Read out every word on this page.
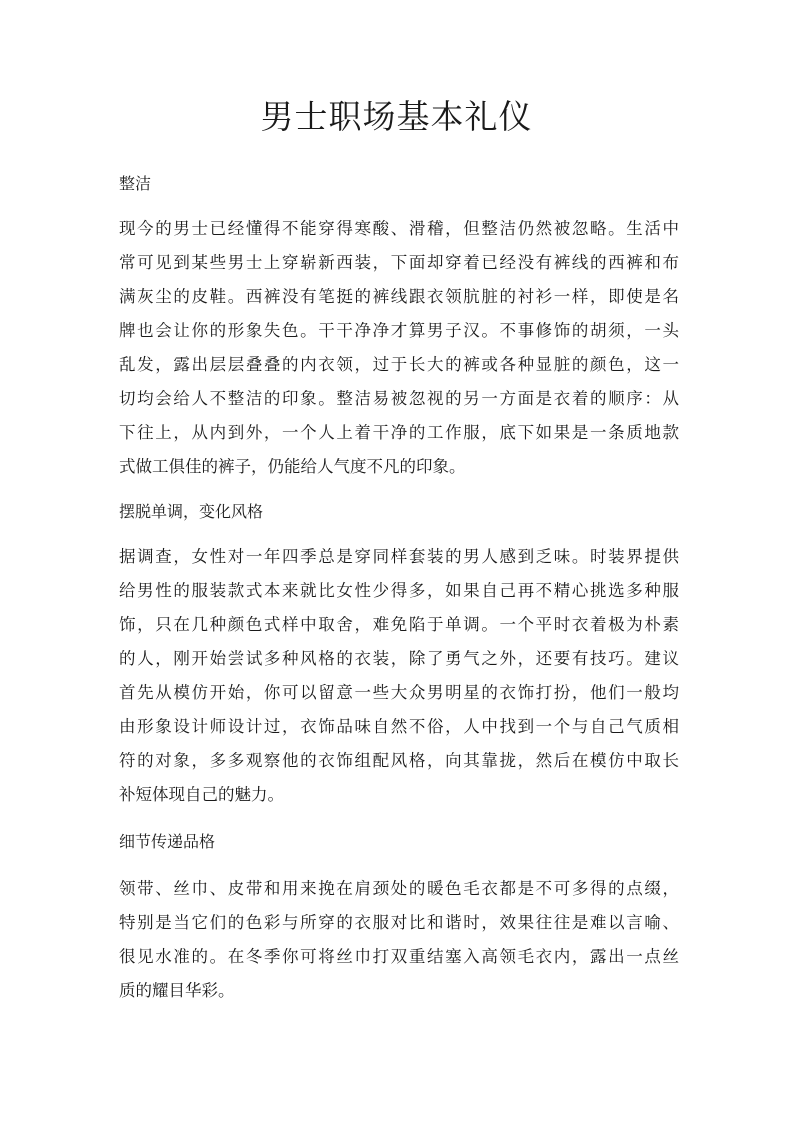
男士职场基本礼仪
整洁
现今的男士已经懂得不能穿得寒酸、滑稽，但整洁仍然被忽略。生活中
常可见到某些男士上穿崭新西装，下面却穿着已经没有裤线的西裤和布
满灰尘的皮鞋。西裤没有笔挺的裤线跟衣领肮脏的衬衫一样，即使是名
牌也会让你的形象失色。干干净净才算男子汉。不事修饰的胡须，一头
乱发，露出层层叠叠的内衣领，过于长大的裤或各种显脏的颜色，这一
切均会给人不整洁的印象。整洁易被忽视的另一方面是衣着的顺序：从
下往上，从内到外，一个人上着干净的工作服，底下如果是一条质地款
式做工俱佳的裤子，仍能给人气度不凡的印象。
摆脱单调，变化风格
据调查，女性对一年四季总是穿同样套装的男人感到乏味。时装界提供
给男性的服装款式本来就比女性少得多，如果自己再不精心挑选多种服
饰，只在几种颜色式样中取舍，难免陷于单调。一个平时衣着极为朴素
的人，刚开始尝试多种风格的衣装，除了勇气之外，还要有技巧。建议
首先从模仿开始，你可以留意一些大众男明星的衣饰打扮，他们一般均
由形象设计师设计过，衣饰品味自然不俗，人中找到一个与自己气质相
符的对象，多多观察他的衣饰组配风格，向其靠拢，然后在模仿中取长
补短体现自己的魅力。
细节传递品格
领带、丝巾、皮带和用来挽在肩颈处的暖色毛衣都是不可多得的点缀，
特别是当它们的色彩与所穿的衣服对比和谐时，效果往往是难以言喻、
很见水准的。在冬季你可将丝巾打双重结塞入高领毛衣内，露出一点丝
质的耀目华彩。
